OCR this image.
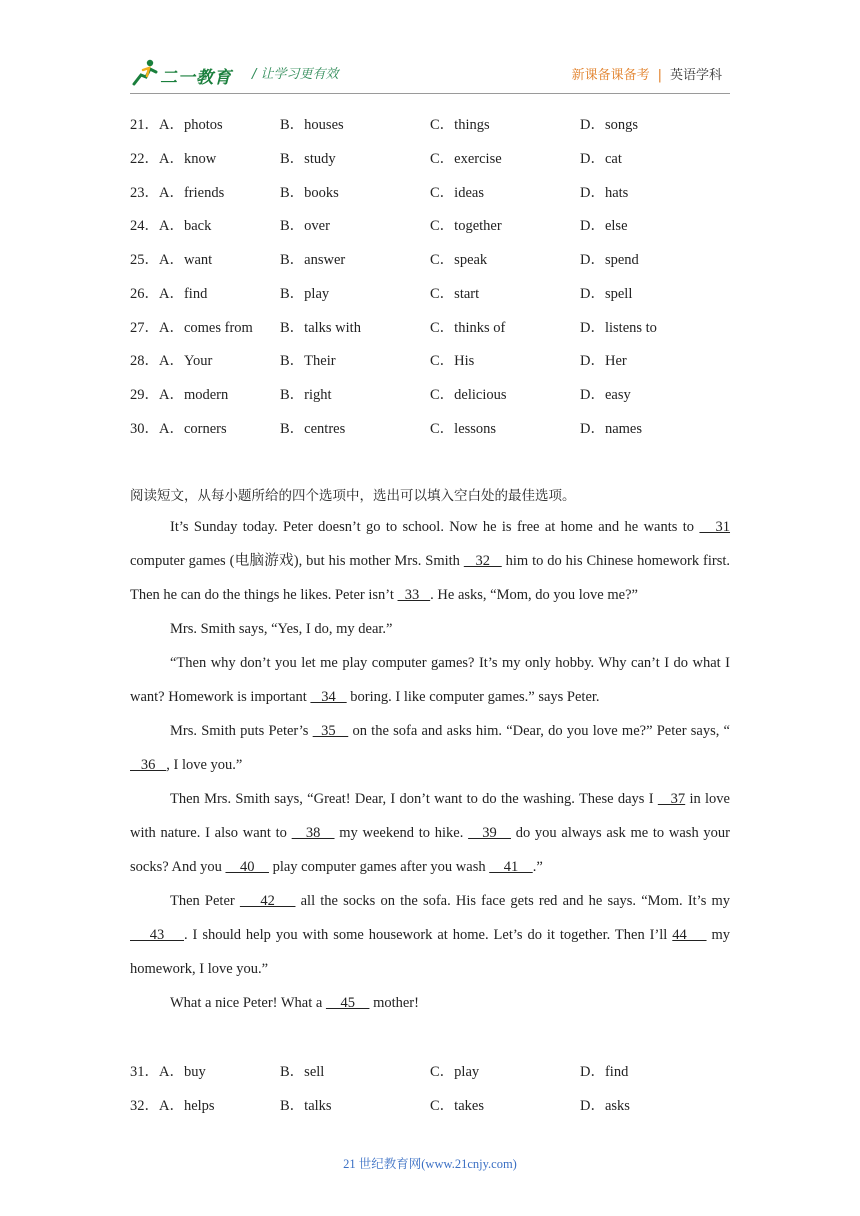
二一教育 / 让学习更有效	新课备课备考 | 英语学科
21．A．photos	B．houses	C．things	D．songs
22．A．know	B．study	C．exercise	D．cat
23．A．friends	B．books	C．ideas	D．hats
24．A．back	B．over	C．together	D．else
25．A．want	B．answer	C．speak	D．spend
26．A．find	B．play	C．start	D．spell
27．A．comes from B．talks with	C．thinks of	D．listens to
28．A．Your	B．Their	C．His	D．Her
29．A．modern	B．right	C．delicious	D．easy
30．A．corners	B．centres	C．lessons	D．names
阅读短文，从每小题所给的四个选项中，选出可以填入空白处的最佳选项。

It’s Sunday today. Peter doesn’t go to school. Now he is free at home and he wants to    31 computer games (电脑游戏), but his mother Mrs. Smith    32    him to do his Chinese homework first. Then he can do the things he likes. Peter isn’t   33   . He asks, “Mom, do you love me?”

Mrs. Smith says, “Yes, I do, my dear.”

“Then why don’t you let me play computer games? It’s my only hobby. Why can’t I do what I want? Homework is important    34    boring. I like computer games.” says Peter.

Mrs. Smith puts Peter’s   35    on the sofa and asks him. “Dear, do you love me?” Peter says, “   36   , I love you.”

Then Mrs. Smith says, “Great! Dear, I don’t want to do the washing. These days I    37 in love with nature. I also want to    38    my weekend to hike.    39    do you always ask me to wash your socks? And you     40     play computer games after you wash     41    .”

Then Peter     42     all the socks on the sofa. His face gets red and he says. “Mom. It’s my     43    . I should help you with some housework at home. Let’s do it together. Then I’ll 44     my homework, I love you.”

What a nice Peter! What a     45     mother!

31．A．buy	B．sell	C．play	D．find
32．A．helps	B．talks	C．takes	D．asks
21 世纪教育网(www.21cnjy.com)
